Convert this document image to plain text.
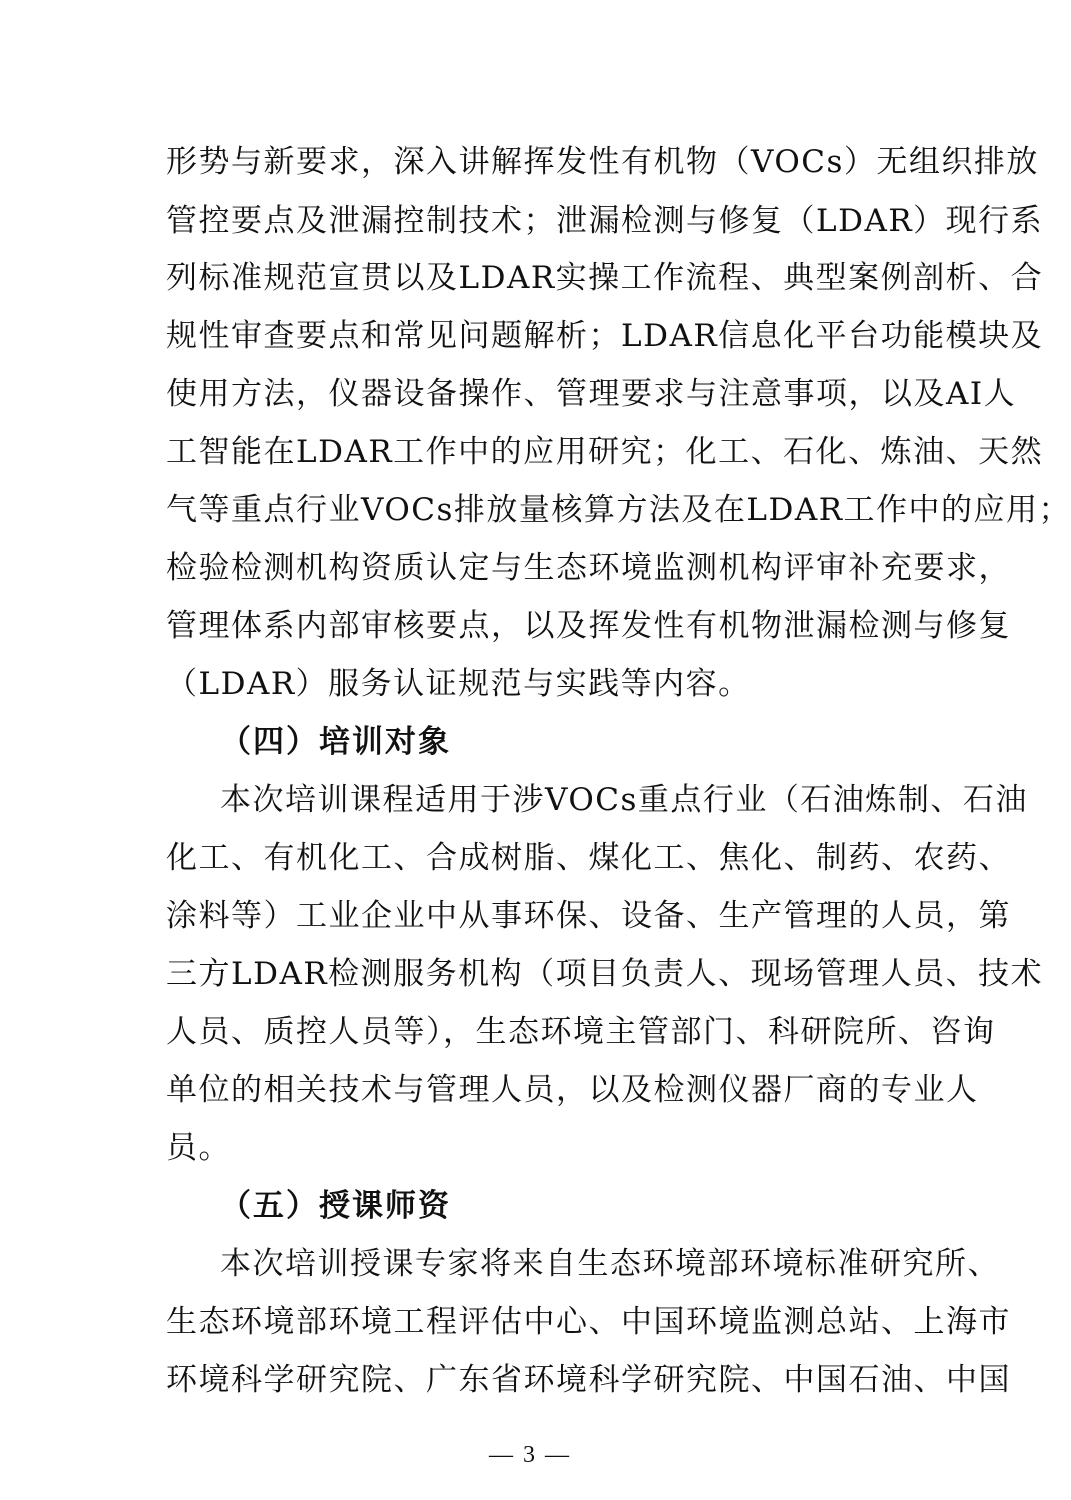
形势与新要求，深入讲解挥发性有机物（VOCs）无组织排放
管控要点及泄漏控制技术；泄漏检测与修复（LDAR）现行系
列标准规范宣贯以及LDAR实操工作流程、典型案例剖析、合
规性审查要点和常见问题解析；LDAR信息化平台功能模块及
使用方法，仪器设备操作、管理要求与注意事项，以及AI人
工智能在LDAR工作中的应用研究；化工、石化、炼油、天然
气等重点行业VOCs排放量核算方法及在LDAR工作中的应用；
检验检测机构资质认定与生态环境监测机构评审补充要求，
管理体系内部审核要点，以及挥发性有机物泄漏检测与修复
（LDAR）服务认证规范与实践等内容。
（四）培训对象
本次培训课程适用于涉VOCs重点行业（石油炼制、石油
化工、有机化工、合成树脂、煤化工、焦化、制药、农药、
涂料等）工业企业中从事环保、设备、生产管理的人员，第
三方LDAR检测服务机构（项目负责人、现场管理人员、技术
人员、质控人员等），生态环境主管部门、科研院所、咨询
单位的相关技术与管理人员，以及检测仪器厂商的专业人
员。
（五）授课师资
本次培训授课专家将来自生态环境部环境标准研究所、
生态环境部环境工程评估中心、中国环境监测总站、上海市
环境科学研究院、广东省环境科学研究院、中国石油、中国
— 3 —
